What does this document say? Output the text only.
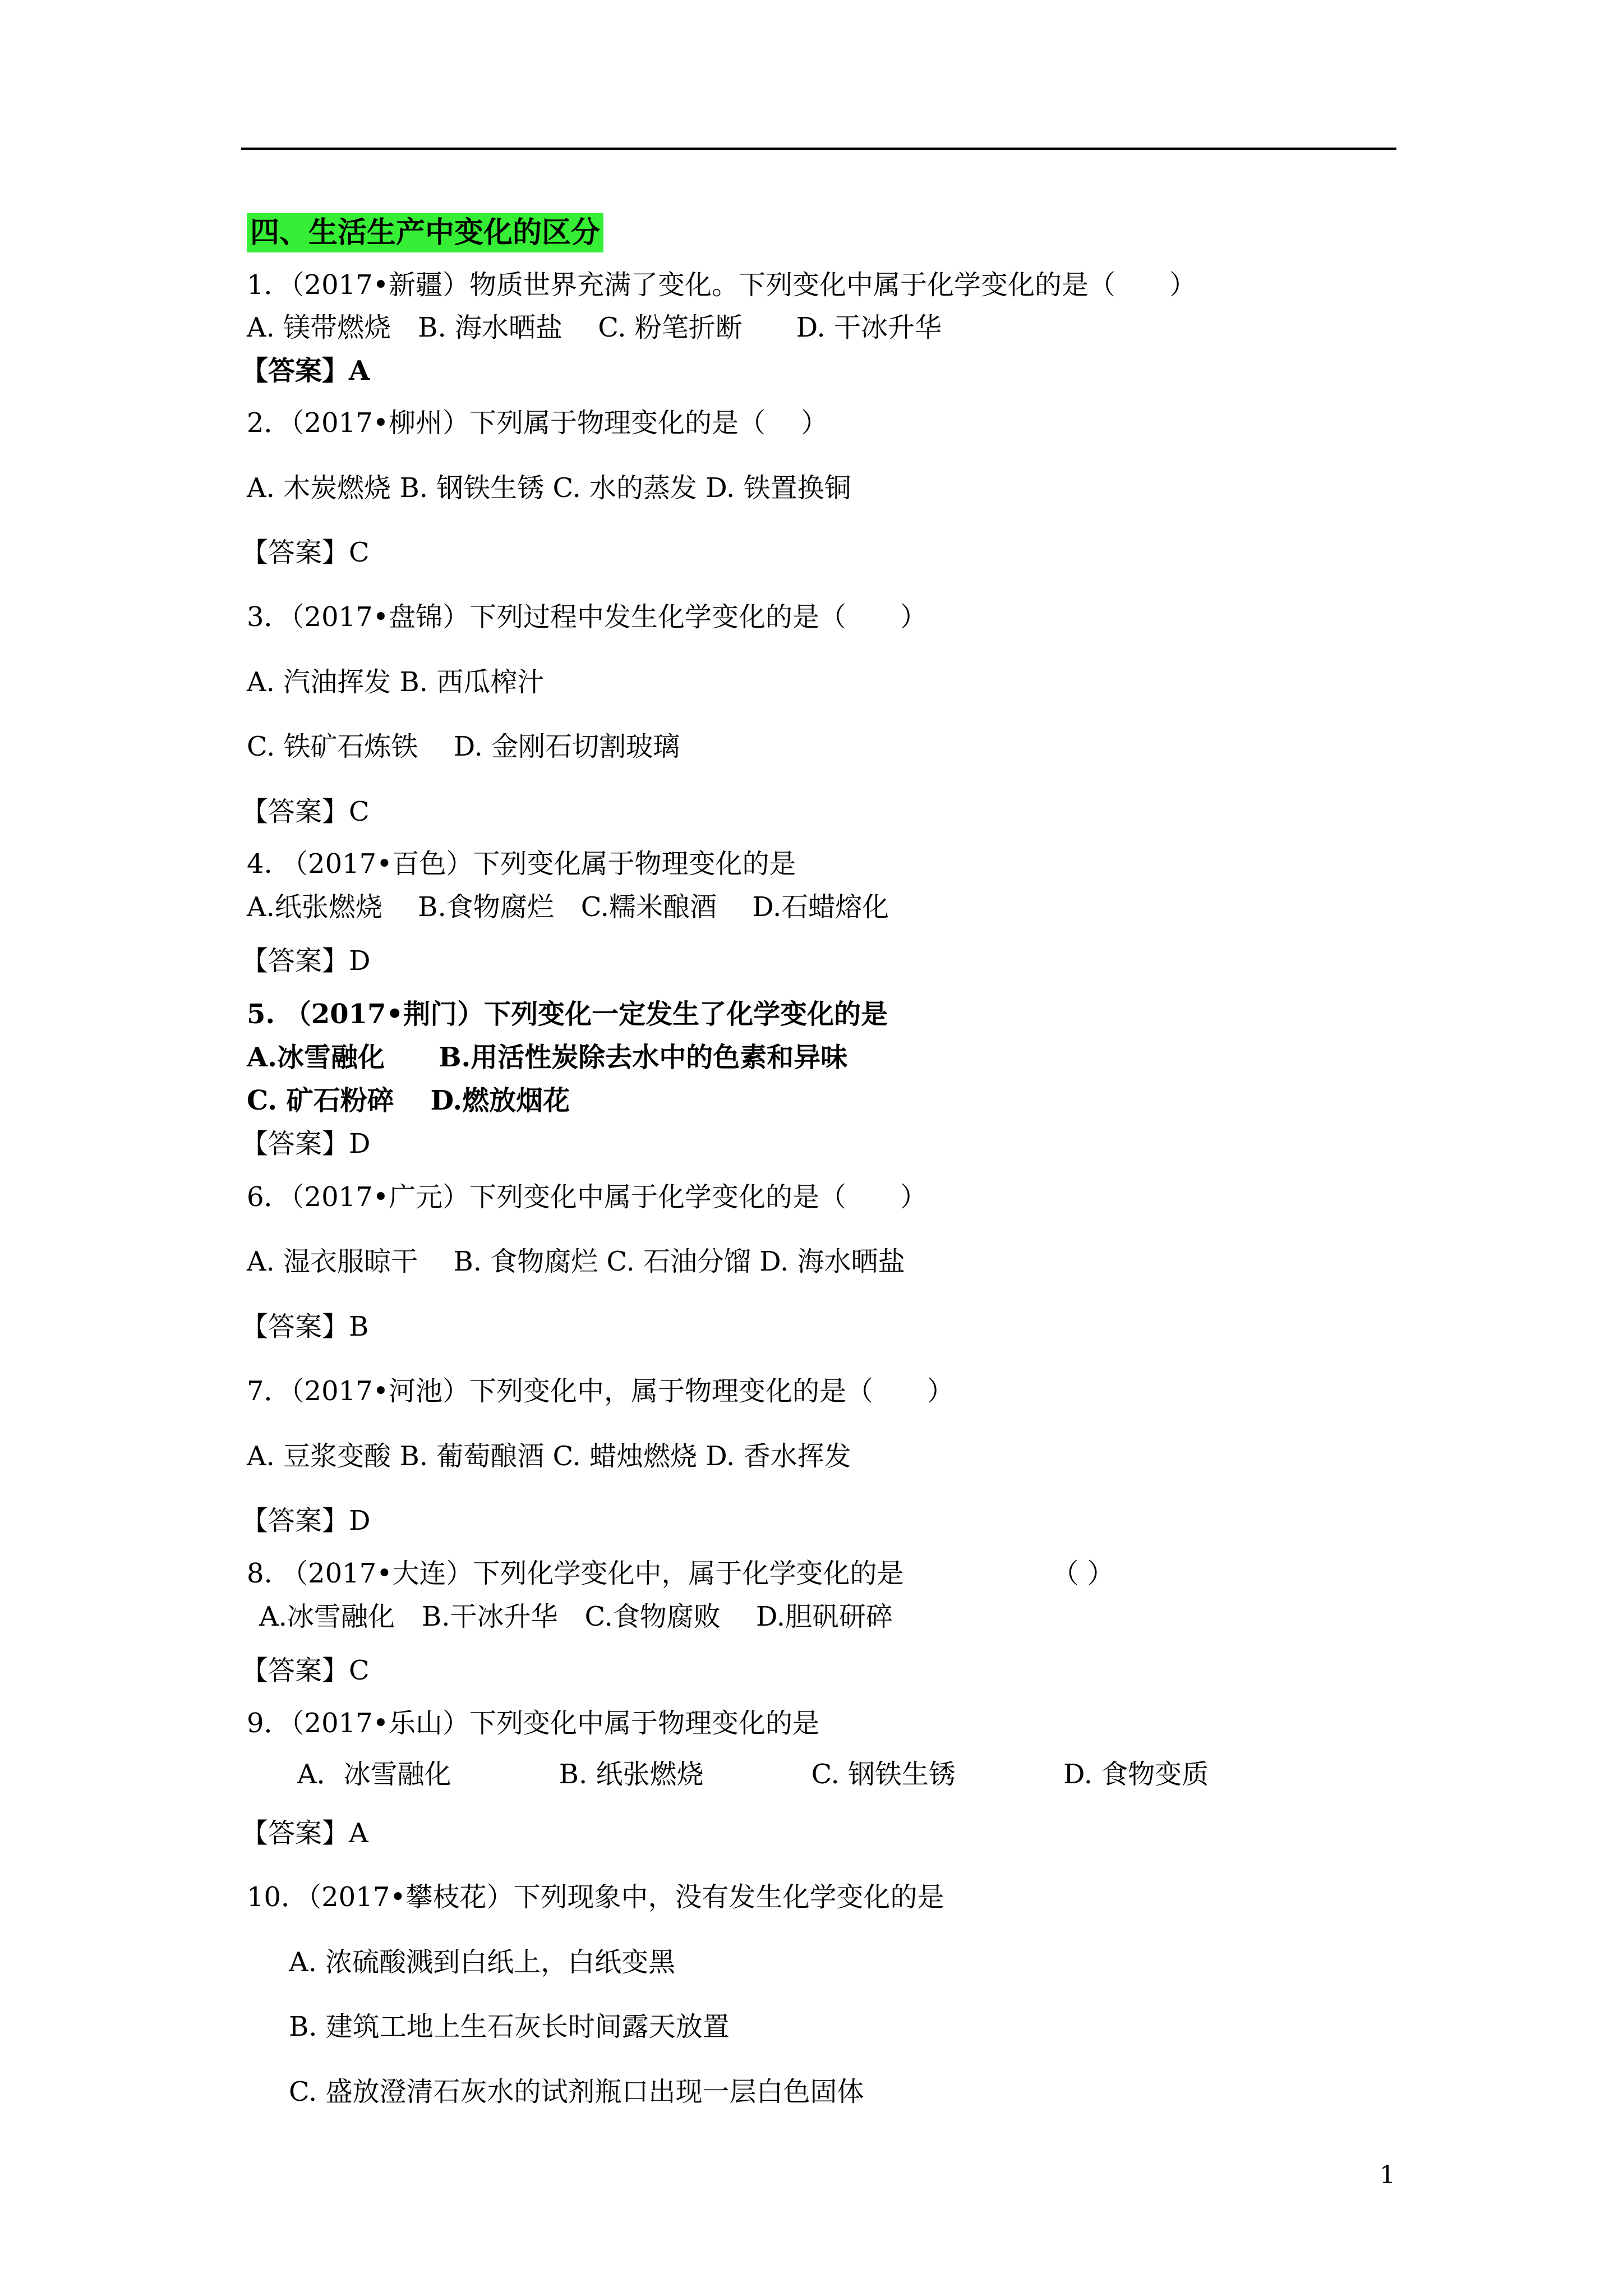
四、生活生产中变化的区分
1．（2017•新疆）物质世界充满了变化。下列变化中属于化学变化的是（　　）
A. 镁带燃烧　B. 海水晒盐　 C. 粉笔折断　　D. 干冰升华
【答案】A
2．（2017•柳州）下列属于物理变化的是（　 ）
A. 木炭燃烧 B. 钢铁生锈 C. 水的蒸发 D. 铁置换铜
【答案】C
3．（2017•盘锦）下列过程中发生化学变化的是（　　）
A. 汽油挥发 B. 西瓜榨汁
C. 铁矿石炼铁　 D. 金刚石切割玻璃
【答案】C
4. （2017•百色）下列变化属于物理变化的是
A.纸张燃烧　 B.食物腐烂　C.糯米酿酒　 D.石蜡熔化
【答案】D
5. （2017•荆门）下列变化一定发生了化学变化的是
A.冰雪融化　　B.用活性炭除去水中的色素和异味
C. 矿石粉碎　 D.燃放烟花
【答案】D
6．（2017•广元）下列变化中属于化学变化的是（　　）
A. 湿衣服晾干　 B. 食物腐烂 C. 石油分馏 D. 海水晒盐
【答案】B
7．（2017•河池）下列变化中，属于物理变化的是（　　）
A. 豆浆变酸 B. 葡萄酿酒 C. 蜡烛燃烧 D. 香水挥发
【答案】D
8. （2017•大连）下列化学变化中，属于化学变化的是　　　　　　（ ）
A.冰雪融化　B.干冰升华　C.食物腐败　 D.胆矾研碎
【答案】C
9．（2017•乐山）下列变化中属于物理变化的是
A．冰雪融化　　　　B. 纸张燃烧　　　　C. 钢铁生锈　　　　D. 食物变质
【答案】A
10．（2017•攀枝花）下列现象中，没有发生化学变化的是
A. 浓硫酸溅到白纸上，白纸变黑
B. 建筑工地上生石灰长时间露天放置
C. 盛放澄清石灰水的试剂瓶口出现一层白色固体
1
